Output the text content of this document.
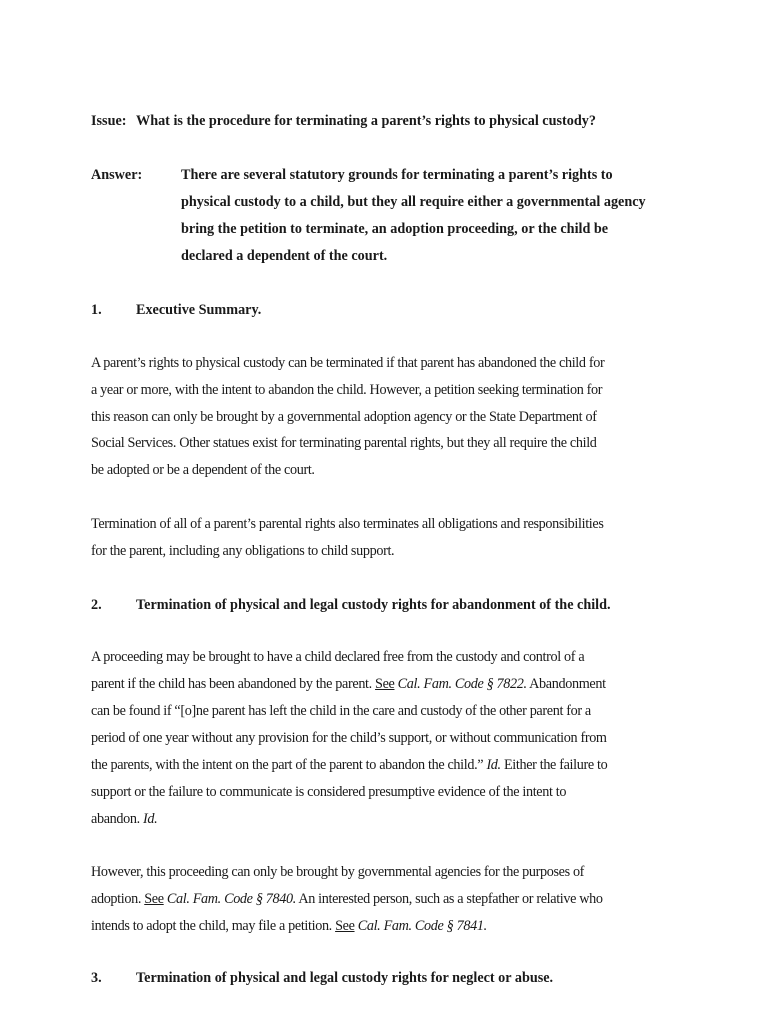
Issue: What is the procedure for terminating a parent’s rights to physical custody?
Answer:	There are several statutory grounds for terminating a parent’s rights to
physical custody to a child, but they all require either a governmental agency
bring the petition to terminate, an adoption proceeding, or the child be
declared a dependent of the court.
1. Executive Summary.
A parent’s rights to physical custody can be terminated if that parent has abandoned the child for
a year or more, with the intent to abandon the child. However, a petition seeking termination for
this reason can only be brought by a governmental adoption agency or the State Department of
Social Services. Other statues exist for terminating parental rights, but they all require the child
be adopted or be a dependent of the court.
Termination of all of a parent’s parental rights also terminates all obligations and responsibilities
for the parent, including any obligations to child support.
2. Termination of physical and legal custody rights for abandonment of the child.
A proceeding may be brought to have a child declared free from the custody and control of a
parent if the child has been abandoned by the parent. See Cal. Fam. Code § 7822. Abandonment
can be found if “[o]ne parent has left the child in the care and custody of the other parent for a
period of one year without any provision for the child’s support, or without communication from
the parents, with the intent on the part of the parent to abandon the child.” Id. Either the failure to
support or the failure to communicate is considered presumptive evidence of the intent to
abandon. Id.
However, this proceeding can only be brought by governmental agencies for the purposes of
adoption. See Cal. Fam. Code § 7840. An interested person, such as a stepfather or relative who
intends to adopt the child, may file a petition. See Cal. Fam. Code § 7841.
3. Termination of physical and legal custody rights for neglect or abuse.
